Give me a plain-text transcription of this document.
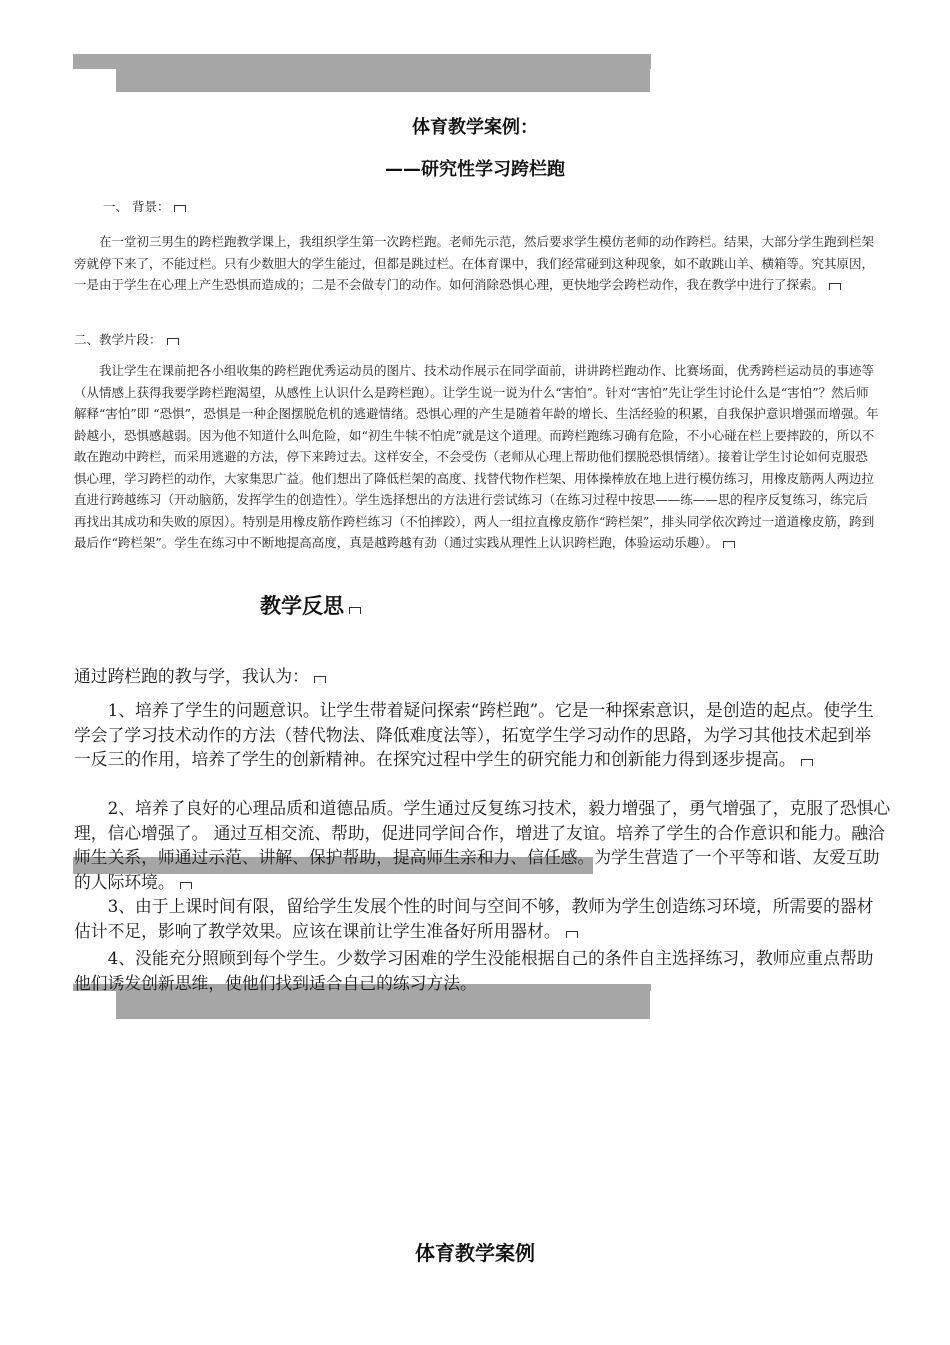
体育教学案例：
——研究性学习跨栏跑
一、 背景：
在一堂初三男生的跨栏跑教学课上，我组织学生第一次跨栏跑。老师先示范，然后要求学生模仿老师的动作跨栏。结果，大部分学生跑到栏架旁就停下来了，不能过栏。只有少数胆大的学生能过，但都是跳过栏。在体育课中，我们经常碰到这种现象，如不敢跳山羊、横箱等。究其原因，一是由于学生在心理上产生恐惧而造成的；二是不会做专门的动作。如何消除恐惧心理，更快地学会跨栏动作，我在教学中进行了探索。
二、教学片段：
我让学生在课前把各小组收集的跨栏跑优秀运动员的图片、技术动作展示在同学面前，讲讲跨栏跑动作、比赛场面，优秀跨栏运动员的事迹等（从情感上获得我要学跨栏跑渴望，从感性上认识什么是跨栏跑）。让学生说一说为什么“害怕”。针对“害怕”先让学生讨论什么是“害怕”？然后师解释“害怕”即 “恐惧”，恐惧是一种企图摆脱危机的逃避情绪。恐惧心理的产生是随着年龄的增长、生活经验的积累，自我保护意识增强而增强。年龄越小，恐惧感越弱。因为他不知道什么叫危险，如“初生牛犊不怕虎”就是这个道理。而跨栏跑练习确有危险，不小心碰在栏上要摔跤的，所以不敢在跑动中跨栏，而采用逃避的方法，停下来跨过去。这样安全，不会受伤（老师从心理上帮助他们摆脱恐惧情绪）。接着让学生讨论如何克服恐惧心理，学习跨栏的动作，大家集思广益。他们想出了降低栏架的高度、找替代物作栏架、用体操棒放在地上进行模仿练习，用橡皮筋两人两边拉直进行跨越练习（开动脑筋，发挥学生的创造性）。学生选择想出的方法进行尝试练习（在练习过程中按思——练——思的程序反复练习，练完后再找出其成功和失败的原因）。特别是用橡皮筋作跨栏练习（不怕摔跤），两人一组拉直橡皮筋作“跨栏架”，排头同学依次跨过一道道橡皮筋，跨到最后作“跨栏架”。学生在练习中不断地提高高度，真是越跨越有劲（通过实践从理性上认识跨栏跑，体验运动乐趣）。
教学反思
通过跨栏跑的教与学，我认为：
1、培养了学生的问题意识。让学生带着疑问探索“跨栏跑”。它是一种探索意识，是创造的起点。使学生学会了学习技术动作的方法（替代物法、降低难度法等），拓宽学生学习动作的思路，为学习其他技术起到举一反三的作用，培养了学生的创新精神。在探究过程中学生的研究能力和创新能力得到逐步提高。
2、培养了良好的心理品质和道德品质。学生通过反复练习技术，毅力增强了，勇气增强了，克服了恐惧心理，信心增强了。 通过互相交流、帮助，促进同学间合作，增进了友谊。培养了学生的合作意识和能力。融洽师生关系，师通过示范、讲解、保护帮助，提高师生亲和力、信任感。为学生营造了一个平等和谐、友爱互助的人际环境。
3、由于上课时间有限，留给学生发展个性的时间与空间不够，教师为学生创造练习环境，所需要的器材估计不足，影响了教学效果。应该在课前让学生准备好所用器材。
4、没能充分照顾到每个学生。少数学习困难的学生没能根据自己的条件自主选择练习，教师应重点帮助他们诱发创新思维，使他们找到适合自己的练习方法。
体育教学案例
